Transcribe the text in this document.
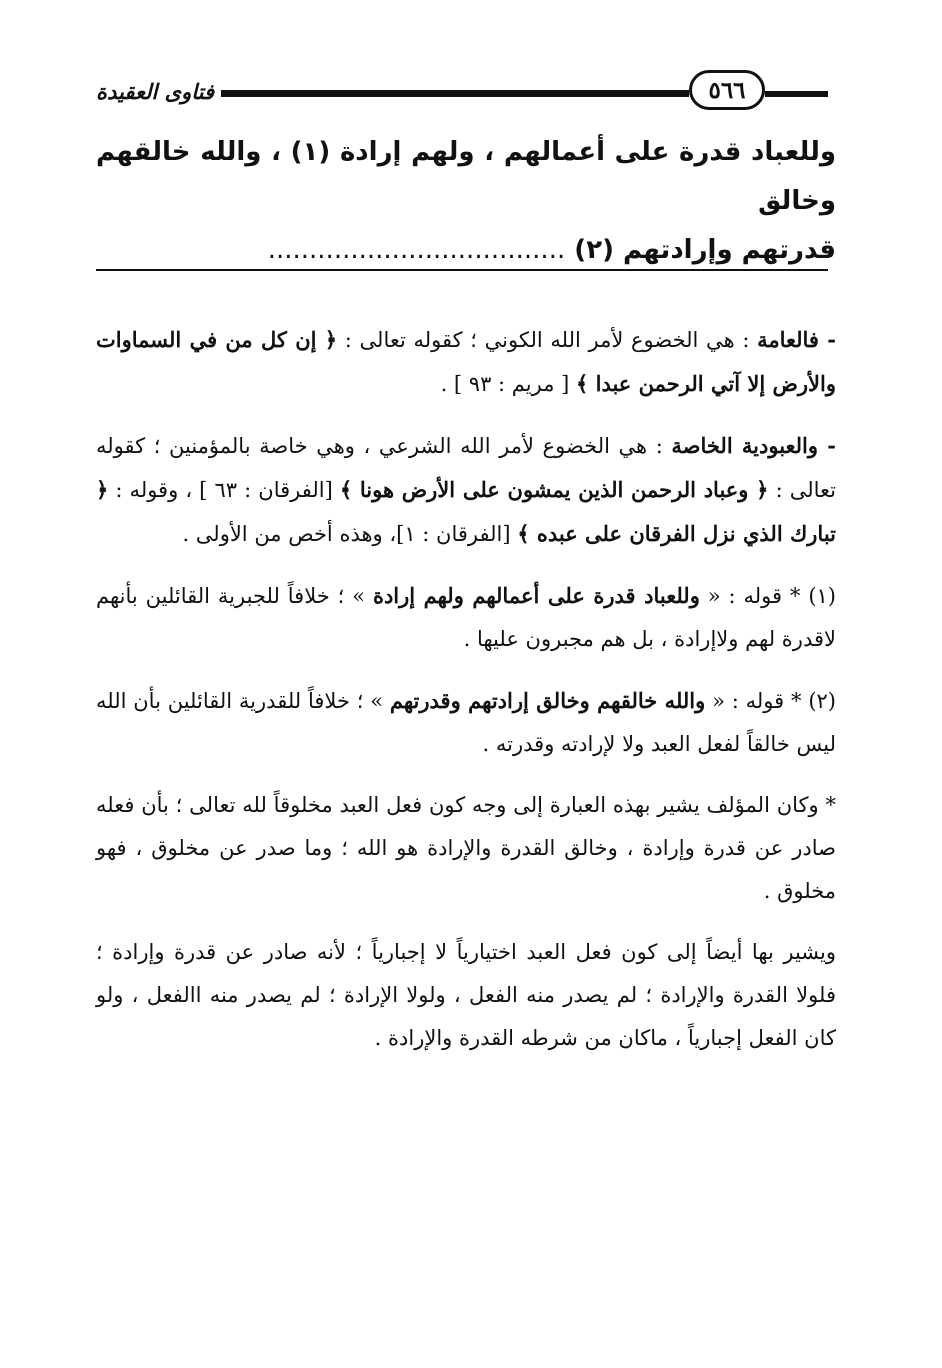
فتاوى العقيدة	٥٦٦
وللعباد قدرة على أعمالهم ، ولهم إرادة (١) ، والله خالقهم وخالق
قدرتهم وإرادتهم (٢) ....................................

- فالعامة : هي الخضوع لأمر الله الكوني ؛ كقوله تعالى : ﴿ إن كل من في السماوات والأرض إلا آتي الرحمن عبدا ﴾ [ مريم : ٩٣ ] .

- والعبودية الخاصة : هي الخضوع لأمر الله الشرعي ، وهي خاصة بالمؤمنين ؛ كقوله تعالى : ﴿ وعباد الرحمن الذين يمشون على الأرض هونا ﴾ [الفرقان : ٦٣ ] ، وقوله : ﴿ تبارك الذي نزل الفرقان على عبده ﴾ [الفرقان : ١]، وهذه أخص من الأولى .

(١) * قوله : « وللعباد قدرة على أعمالهم ولهم إرادة » ؛ خلافاً للجبرية القائلين بأنهم لاقدرة لهم ولاإرادة ، بل هم مجبرون عليها .

(٢) * قوله : « والله خالقهم وخالق إرادتهم وقدرتهم » ؛ خلافاً للقدرية القائلين بأن الله ليس خالقاً لفعل العبد ولا لإرادته وقدرته .

* وكان المؤلف يشير بهذه العبارة إلى وجه كون فعل العبد مخلوقاً لله تعالى ؛ بأن فعله صادر عن قدرة وإرادة ، وخالق القدرة والإرادة هو الله ؛ وما صدر عن مخلوق ، فهو مخلوق .

ويشير بها أيضاً إلى كون فعل العبد اختيارياً لا إجبارياً ؛ لأنه صادر عن قدرة وإرادة ؛ فلولا القدرة والإرادة ؛ لم يصدر منه الفعل ، ولولا الإرادة ؛ لم يصدر منه االفعل ، ولو كان الفعل إجبارياً ، ماكان من شرطه القدرة والإرادة .
